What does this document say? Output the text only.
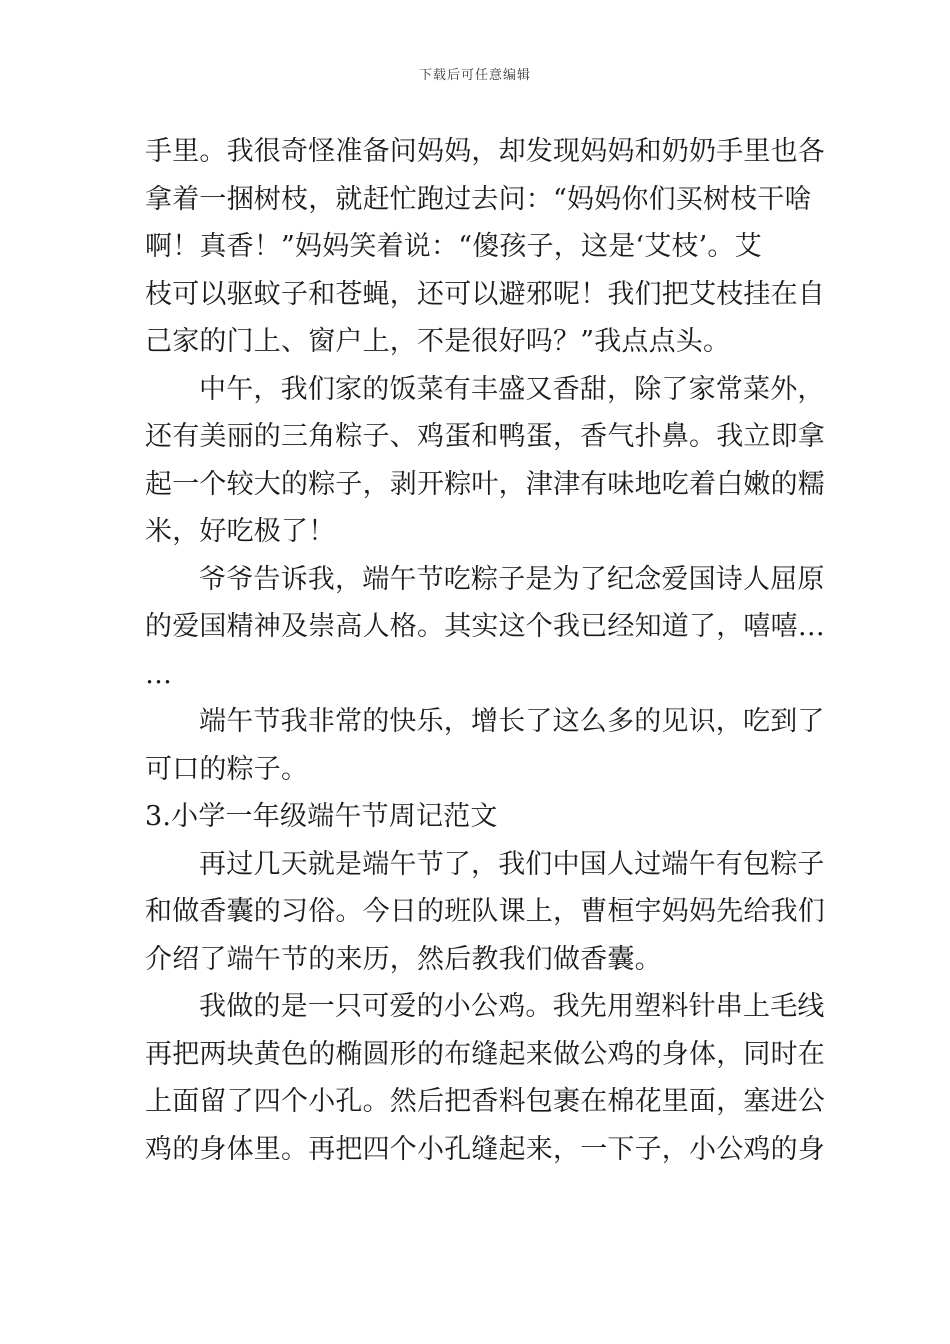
下载后可任意编辑
手里。我很奇怪准备问妈妈，却发现妈妈和奶奶手里也各
拿着一捆树枝，就赶忙跑过去问：“妈妈你们买树枝干啥
啊！真香！”妈妈笑着说：“傻孩子，这是‘艾枝’。艾
枝可以驱蚊子和苍蝇，还可以避邪呢！我们把艾枝挂在自
己家的门上、窗户上，不是很好吗？”我点点头。
中午，我们家的饭菜有丰盛又香甜，除了家常菜外，
还有美丽的三角粽子、鸡蛋和鸭蛋，香气扑鼻。我立即拿
起一个较大的粽子，剥开粽叶，津津有味地吃着白嫩的糯
米，好吃极了！
爷爷告诉我，端午节吃粽子是为了纪念爱国诗人屈原
的爱国精神及崇高人格。其实这个我已经知道了，嘻嘻…
…
端午节我非常的快乐，增长了这么多的见识，吃到了
可口的粽子。
3.小学一年级端午节周记范文
再过几天就是端午节了，我们中国人过端午有包粽子
和做香囊的习俗。今日的班队课上，曹桓宇妈妈先给我们
介绍了端午节的来历，然后教我们做香囊。
我做的是一只可爱的小公鸡。我先用塑料针串上毛线
再把两块黄色的椭圆形的布缝起来做公鸡的身体，同时在
上面留了四个小孔。然后把香料包裹在棉花里面，塞进公
鸡的身体里。再把四个小孔缝起来，一下子，小公鸡的身
